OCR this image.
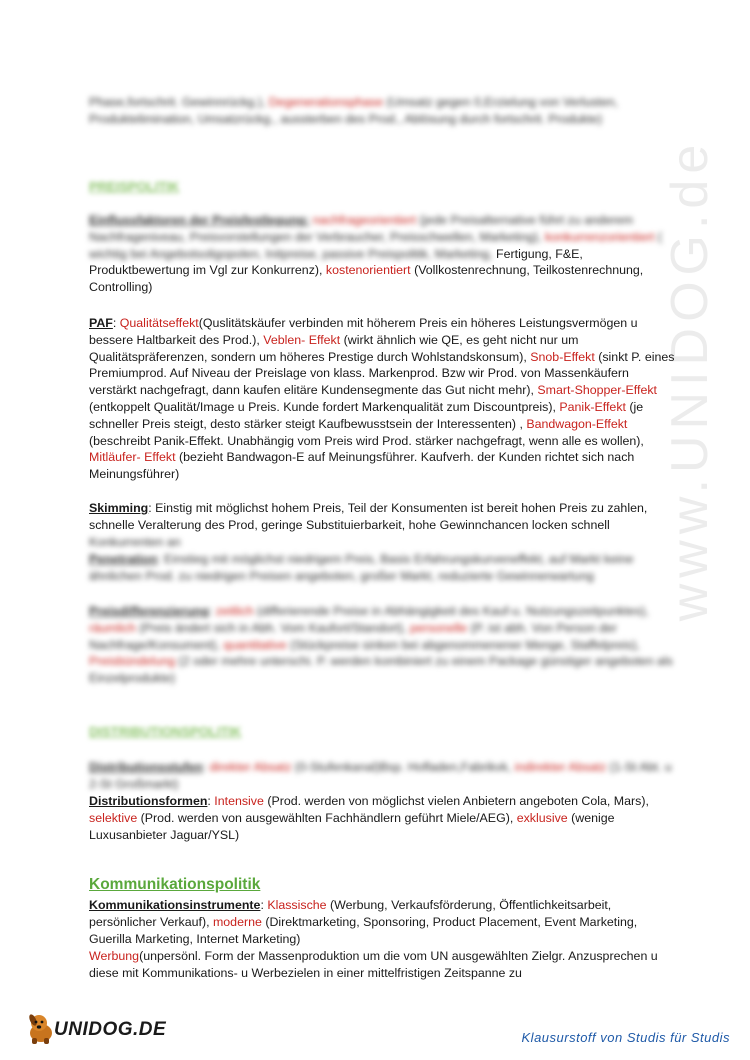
www.UNIDOG.de
Phase,fortschrit. Gewinnrückg.), Degenerationsphase (Umsatz gegen 0,Erzielung von Verlusten, Produktelimination, Umsatzrückg., aussterben des Prod., Ablösung durch fortschrit. Produkte)
PREISPOLITIK
Einflussfaktoren der Preisfestlegung: nachfrageorientiert (jede Preisalternative führt zu anderem Nachfrageniveau, Preisvorstellungen der Verbraucher, Preisschwellen, Marketing), konkurrenzorientiert ( wichtig bei Angebotsoligopolen, Initpreise, passive Preispolitik, Marketing, Fertigung, F&E, Produktbewertung im Vgl zur Konkurrenz), kostenorientiert (Vollkostenrechnung, Teilkostenrechnung, Controlling)
PAF: Qualitätseffekt(Quslitätskäufer verbinden mit höherem Preis ein höheres Leistungsvermögen u bessere Haltbarkeit des Prod.), Veblen- Effekt (wirkt ähnlich wie QE, es geht nicht nur um Qualitätspräferenzen, sondern um höheres Prestige durch Wohlstandskonsum), Snob-Effekt (sinkt P. eines Premiumprod. Auf Niveau der Preislage von klass. Markenprod. Bzw wir Prod. von Massenkäufern verstärkt nachgefragt, dann kaufen elitäre Kundensegmente das Gut nicht mehr), Smart-Shopper-Effekt (entkoppelt Qualität/Image u Preis. Kunde fordert Markenqualität zum Discountpreis), Panik-Effekt (je schneller Preis steigt, desto stärker steigt Kaufbewusstsein der Interessenten) , Bandwagon-Effekt (beschreibt Panik-Effekt. Unabhängig vom Preis wird Prod. stärker nachgefragt, wenn alle es wollen), Mitläufer- Effekt (bezieht Bandwagon-E auf Meinungsführer. Kaufverh. der Kunden richtet sich nach Meinungsführer)
Skimming: Einstig mit möglichst hohem Preis, Teil der Konsumenten ist bereit hohen Preis zu zahlen, schnelle Veralterung des Prod, geringe Substituierbarkeit, hohe Gewinnchancen locken schnell Konkurrenten an
Penetration: Einstieg mit möglichst niedrigem Preis, Basis Erfahrungskurveneffekt, auf Markt keine ähnlichen Prod. zu niedrigen Preisen angeboten, großer Markt, reduzierte Gewinnerwartung
Preisdifferenzierung: zeitlich (differierende Preise in Abhängigkeit des Kauf-u. Nutzungszeitpunktes), räumlich (Preis ändert sich in Abh. Vom Kaufort/Standort), personelle (P. ist abh. Von Person der Nachfrage/Konsument), quantitative (Stückpreise sinken bei abgenommenener Menge, Staffelpreis), Preisbündelung (2 oder mehre unterschi. P. werden kombiniert zu einem Package günstiger angeboten als Einzelprodukte)
DISTRIBUTIONSPOLITIK
Distributionsstufen: direkter Absatz (0-Stufenkanal)Bsp. Hofladen,Fabrikvk, indirekter Absatz (1-St Abt. u 2-St Großmarkt)
Distributionsformen: Intensive (Prod. werden von möglichst vielen Anbietern angeboten Cola, Mars), selektive (Prod. werden von ausgewählten Fachhändlern geführt Miele/AEG), exklusive (wenige Luxusanbieter Jaguar/YSL)
Kommunikationspolitik
Kommunikationsinstrumente: Klassische (Werbung, Verkaufsförderung, Öffentlichkeitsarbeit, persönlicher Verkauf), moderne (Direktmarketing, Sponsoring, Product Placement, Event Marketing, Guerilla Marketing, Internet Marketing)
Werbung(unpersönl. Form der Massenproduktion um die vom UN ausgewählten Zielgr. Anzusprechen u diese mit Kommunikations- u Werbezielen in einer mittelfristigen Zeitspanne zu
UNIDOG.DE	Klausurstoff von Studis für Studis
